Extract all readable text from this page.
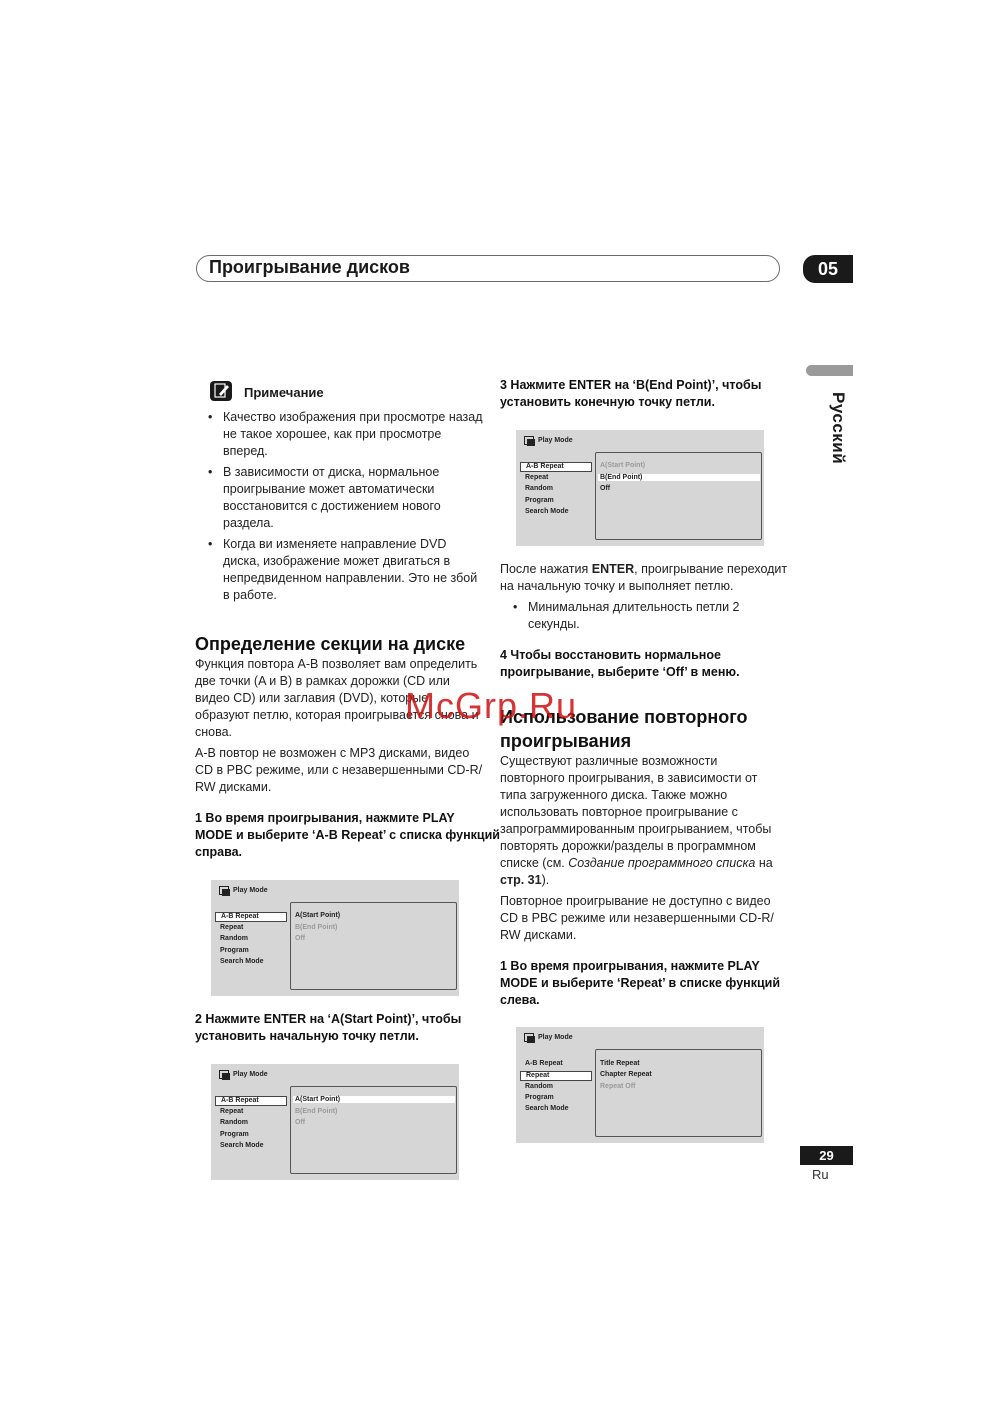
Проигрывание дисков	05
Русский
Примечание
• Качество изображения при просмотре назад
не такое хорошее, как при просмотре
вперед.
• В зависимости от диска, нормальное
проигрывание может автоматически
восстановится с достижением нового
раздела.
• Когда ви изменяете направление DVD
диска, изображение может двигаться в
непредвиденном направлении. Это не збой
в работе.
Определение секции на диске
Функция повтора A-B позволяет вам определить
две точки (A и B) в рамках дорожки (CD или
видео CD) или заглавия (DVD), которые
образуют петлю, которая проигрывается снова и
снова.
A-B повтор не возможен с MP3 дисками, видео
CD в PBC режиме, или с незавершенными CD-R/
RW дисками.
1 Во время проигрывания, нажмите PLAY
MODE и выберите ‘A-B Repeat’ с списка функций
справа.
Play Mode
A-B Repeat
Repeat
Random
Program
Search Mode
A(Start Point)
B(End Point)
Off
2 Нажмите ENTER на ‘A(Start Point)’, чтобы
установить начальную точку петли.
Play Mode
A-B Repeat
Repeat
Random
Program
Search Mode
A(Start Point)
B(End Point)
Off
3 Нажмите ENTER на ‘B(End Point)’, чтобы
установить конечную точку петли.
Play Mode
A-B Repeat
Repeat
Random
Program
Search Mode
A(Start Point)
B(End Point)
Off
После нажатия ENTER, проигрывание переходит
на начальную точку и выполняет петлю.
• Минимальная длительность петли 2
секунды.
4 Чтобы восстановить нормальное
проигрывание, выберите ‘Off’ в меню.
Использование повторного
проигрывания
Существуют различные возможности
повторного проигрывания, в зависимости от
типа загруженного диска. Также можно
использовать повторное проигрывание с
запрограммированным проигрыванием, чтобы
повторять дорожки/разделы в программном
списке (см. Создание программного списка на
стр. 31).
Повторное проигрывание не доступно с видео
CD в PBC режиме или незавершенными CD-R/
RW дисками.
1 Во время проигрывания, нажмите PLAY
MODE и выберите ‘Repeat’ в списке функций
слева.
Play Mode
A-B Repeat
Repeat
Random
Program
Search Mode
Title Repeat
Chapter Repeat
Repeat Off
McGrp.Ru
29
Ru
